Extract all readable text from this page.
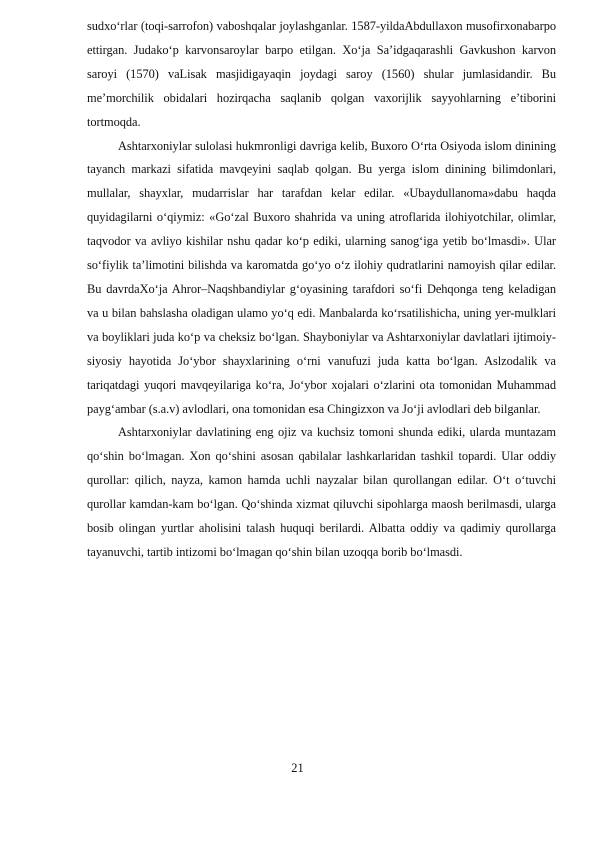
sudxo‘rlar (toqi-sarrofon) vaboshqalar joylashganlar. 1587-yildaAbdullaxon musofirxonabarpo ettirgan. Judako‘p karvonsaroylar barpo etilgan. Xo‘ja Sa’idgaqarashli Gavkushon karvon saroyi (1570) vaLisak masjidigayaqin joydagi saroy (1560) shular jumlasidandir. Bu me’morchilik obidalari hozirqacha saqlanib qolgan vaxorijlik sayyohlarning e’tiborini tortmoqda.

Ashtarxoniylar sulolasi hukmronligi davriga kelib, Buxoro O‘rta Osiyoda islom dinining tayanch markazi sifatida mavqeyini saqlab qolgan. Bu yerga islom dinining bilimdonlari, mullalar, shayxlar, mudarrislar har tarafdan kelar edilar. «Ubaydullanoma»dabu haqda quyidagilarni o‘qiymiz: «Go‘zal Buxoro shahrida va uning atroflarida ilohiyotchilar, olimlar, taqvodor va avliyo kishilar nshu qadar ko‘p ediki, ularning sanog‘iga yetib bo‘lmasdi». Ular so‘fiylik ta’limotini bilishda va karomatda go‘yo o‘z ilohiy qudratlarini namoyish qilar edilar. Bu davrdaXo‘ja Ahror–Naqshbandiylar g‘oyasining tarafdori so‘fi Dehqonga teng keladigan va u bilan bahslasha oladigan ulamo yo‘q edi. Manbalarda ko‘rsatilishicha, uning yer-mulklari va boyliklari juda ko‘p va cheksiz bo‘lgan. Shayboniylar va Ashtarxoniylar davlatlari ijtimoiy-siyosiy hayotida Jo‘ybor shayxlarining o‘rni vanufuzi juda katta bo‘lgan. Aslzodalik va tariqatdagi yuqori mavqeyilariga ko‘ra, Jo‘ybor xojalari o‘zlarini ota tomonidan Muhammad payg‘ambar (s.a.v) avlodlari, ona tomonidan esa Chingizxon va Jo‘ji avlodlari deb bilganlar.

Ashtarxoniylar davlatining eng ojiz va kuchsiz tomoni shunda ediki, ularda muntazam qo‘shin bo‘lmagan. Xon qo‘shini asosan qabilalar lashkarlaridan tashkil topardi. Ular oddiy qurollar: qilich, nayza, kamon hamda uchli nayzalar bilan qurollangan edilar. O‘t o‘tuvchi qurollar kamdan-kam bo‘lgan. Qo‘shinda xizmat qiluvchi sipohlarga maosh berilmasdi, ularga bosib olingan yurtlar aholisini talash huquqi berilardi. Albatta oddiy va qadimiy qurollarga tayanuvchi, tartib intizomi bo‘lmagan qo‘shin bilan uzoqqa borib bo‘lmasdi.

21
